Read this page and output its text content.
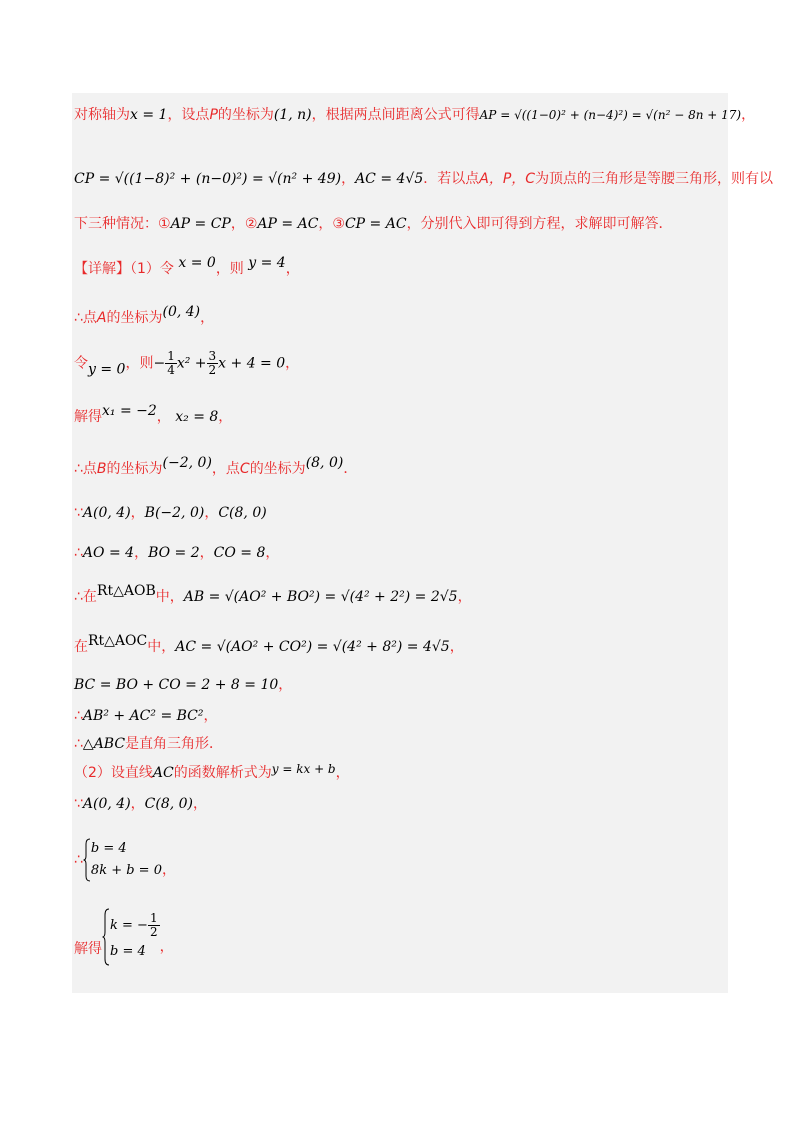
对称轴为x = 1，设点P的坐标为(1, n)，根据两点间距离公式可得AP = √((1−0)² + (n−4)²) = √(n² − 8n + 17)，
CP = √((1−8)² + (n−0)²) = √(n² + 49)，AC = 4√5．若以点A，P，C为顶点的三角形是等腰三角形，则有以
下三种情况：①AP = CP，②AP = AC，③CP = AC，分别代入即可得到方程，求解即可解答．
【详解】（1）令 x = 0，则 y = 4，
∴点A的坐标为(0, 4)，
令y = 0，则− $\frac{1}{4} x^2 + \frac{3}{2}$ x + 4 = 0，
解得x₁ = −2， x₂ = 8，
∴点B的坐标为(−2, 0)，点C的坐标为(8, 0)．
∵A(0, 4)，B(−2, 0)，C(8, 0)
∴AO = 4，BO = 2，CO = 8，
∴在Rt△AOB中，AB = √(AO² + BO²) = √(4² + 2²) = 2√5，
在Rt△AOC中，AC = √(AO² + CO²) = √(4² + 8²) = 4√5，
BC = BO + CO = 2 + 8 = 10，
∴AB² + AC² = BC²，
∴△ABC是直角三角形．
（2）设直线AC的函数解析式为y = kx + b，
∵A(0, 4)，C(8, 0)，
∴
b = 4
8k + b = 0 ，
解得
k = − $\frac{1}{2}$
b = 4 ，
